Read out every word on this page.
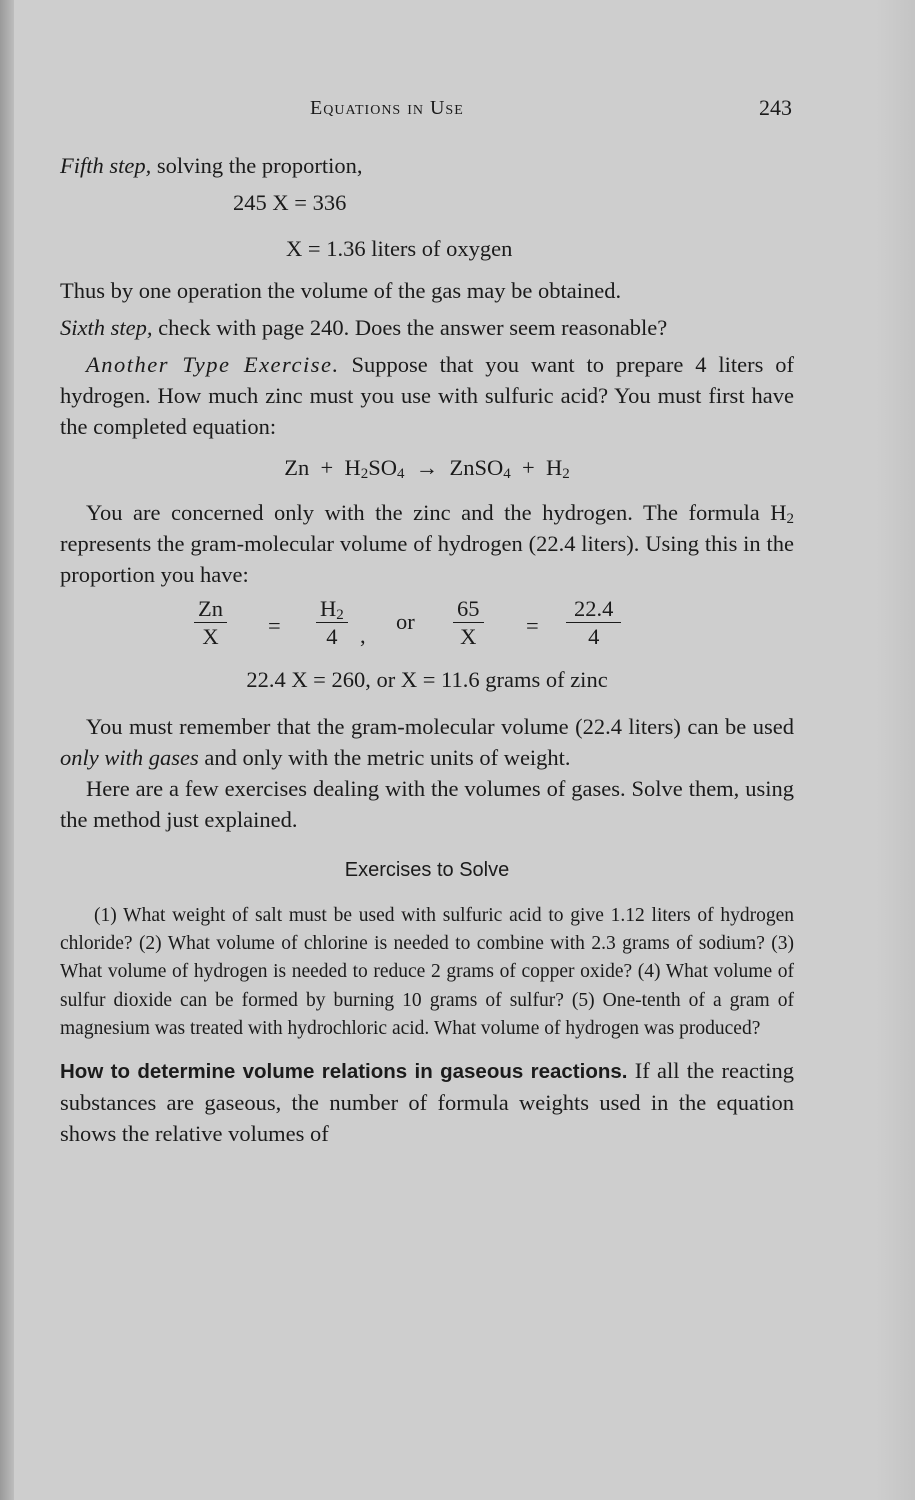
Equations in Use	243

Fifth step, solving the proportion,

245 X = 336
X = 1.36 liters of oxygen

Thus by one operation the volume of the gas may be obtained.

Sixth step, check with page 240. Does the answer seem reasonable?

Another Type Exercise. Suppose that you want to prepare 4 liters of hydrogen. How much zinc must you use with sulfuric acid? You must first have the completed equation:

$Zn + H_2SO_4$ → ZnSO$_4$ + $H_2$

You are concerned only with the zinc and the hydrogen. The formula $H_2$ represents the gram-molecular volume of hydrogen (22.4 liters). Using this in the proportion you have:

$\frac{Zn}{X} = \frac{H_2}{4}$ ,
or $\frac{65}{X} = \frac{22.4}{4}$
22.4 X = 260, or X = 11.6 grams of zinc

You must remember that the gram-molecular volume (22.4 liters) can be used only with gases and only with the metric units of weight.

Here are a few exercises dealing with the volumes of gases. Solve them, using the method just explained.

Exercises to Solve

(1) What weight of salt must be used with sulfuric acid to give 1.12 liters of hydrogen chloride? (2) What volume of chlorine is needed to combine with 2.3 grams of sodium? (3) What volume of hydrogen is needed to reduce 2 grams of copper oxide? (4) What volume of sulfur dioxide can be formed by burning 10 grams of sulfur? (5) One-tenth of a gram of magnesium was treated with hydrochloric acid. What volume of hydrogen was produced?

How to determine volume relations in gaseous reactions. If all the reacting substances are gaseous, the number of formula weights used in the equation shows the relative volumes of
